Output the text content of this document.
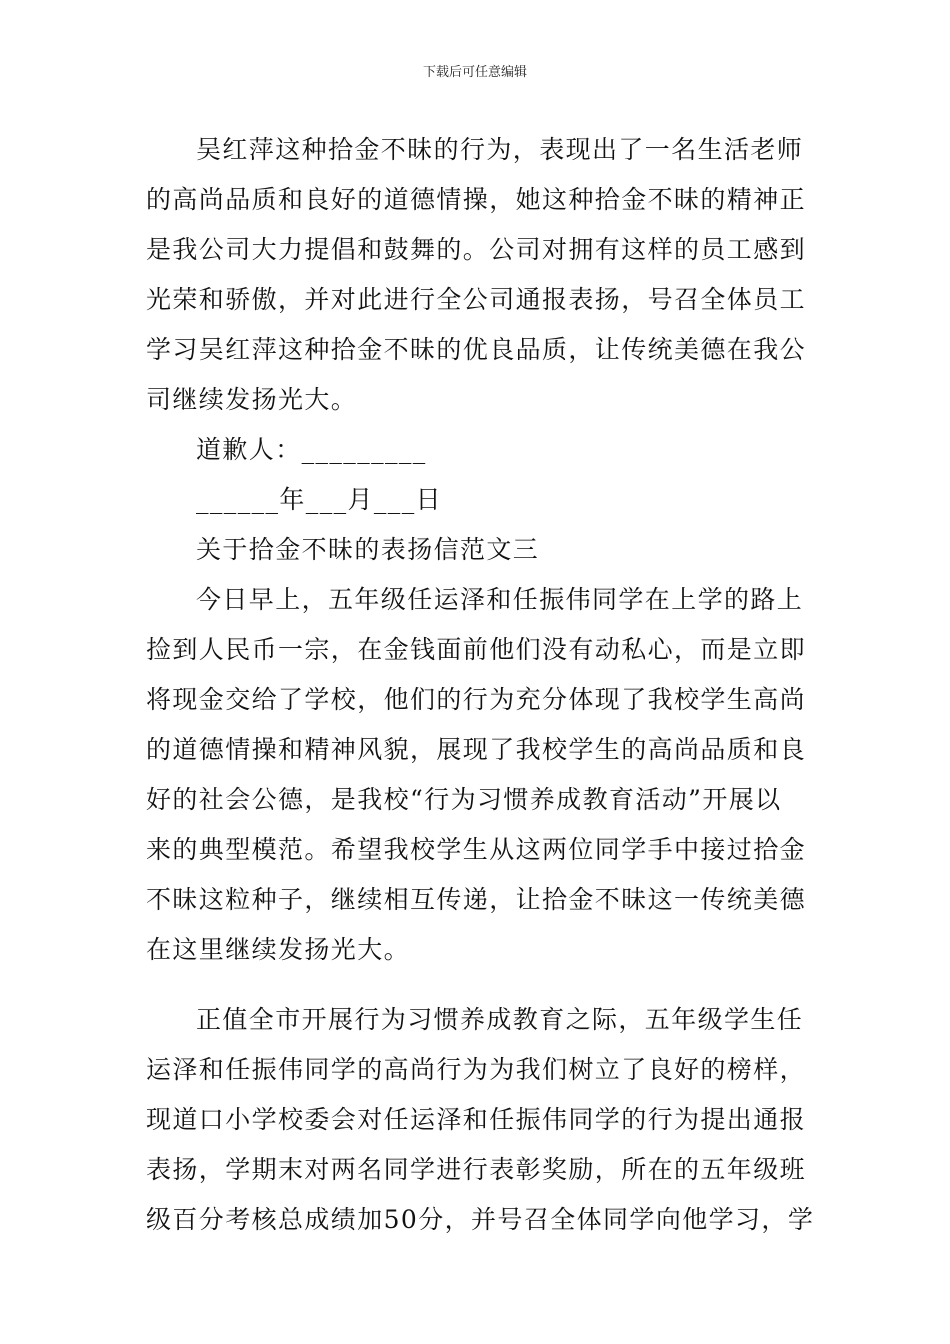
下载后可任意编辑
吴红萍这种拾金不昧的行为，表现出了一名生活老师
的高尚品质和良好的道德情操，她这种拾金不昧的精神正
是我公司大力提倡和鼓舞的。公司对拥有这样的员工感到
光荣和骄傲，并对此进行全公司通报表扬，号召全体员工
学习吴红萍这种拾金不昧的优良品质，让传统美德在我公
司继续发扬光大。
道歉人：_________
______年___月___日
关于拾金不昧的表扬信范文三
今日早上，五年级任运泽和任振伟同学在上学的路上
捡到人民币一宗，在金钱面前他们没有动私心，而是立即
将现金交给了学校，他们的行为充分体现了我校学生高尚
的道德情操和精神风貌，展现了我校学生的高尚品质和良
好的社会公德，是我校“行为习惯养成教育活动”开展以
来的典型模范。希望我校学生从这两位同学手中接过拾金
不昧这粒种子，继续相互传递，让拾金不昧这一传统美德
在这里继续发扬光大。
正值全市开展行为习惯养成教育之际，五年级学生任
运泽和任振伟同学的高尚行为为我们树立了良好的榜样，
现道口小学校委会对任运泽和任振伟同学的行为提出通报
表扬，学期末对两名同学进行表彰奖励，所在的五年级班
级百分考核总成绩加50分，并号召全体同学向他学习，学
